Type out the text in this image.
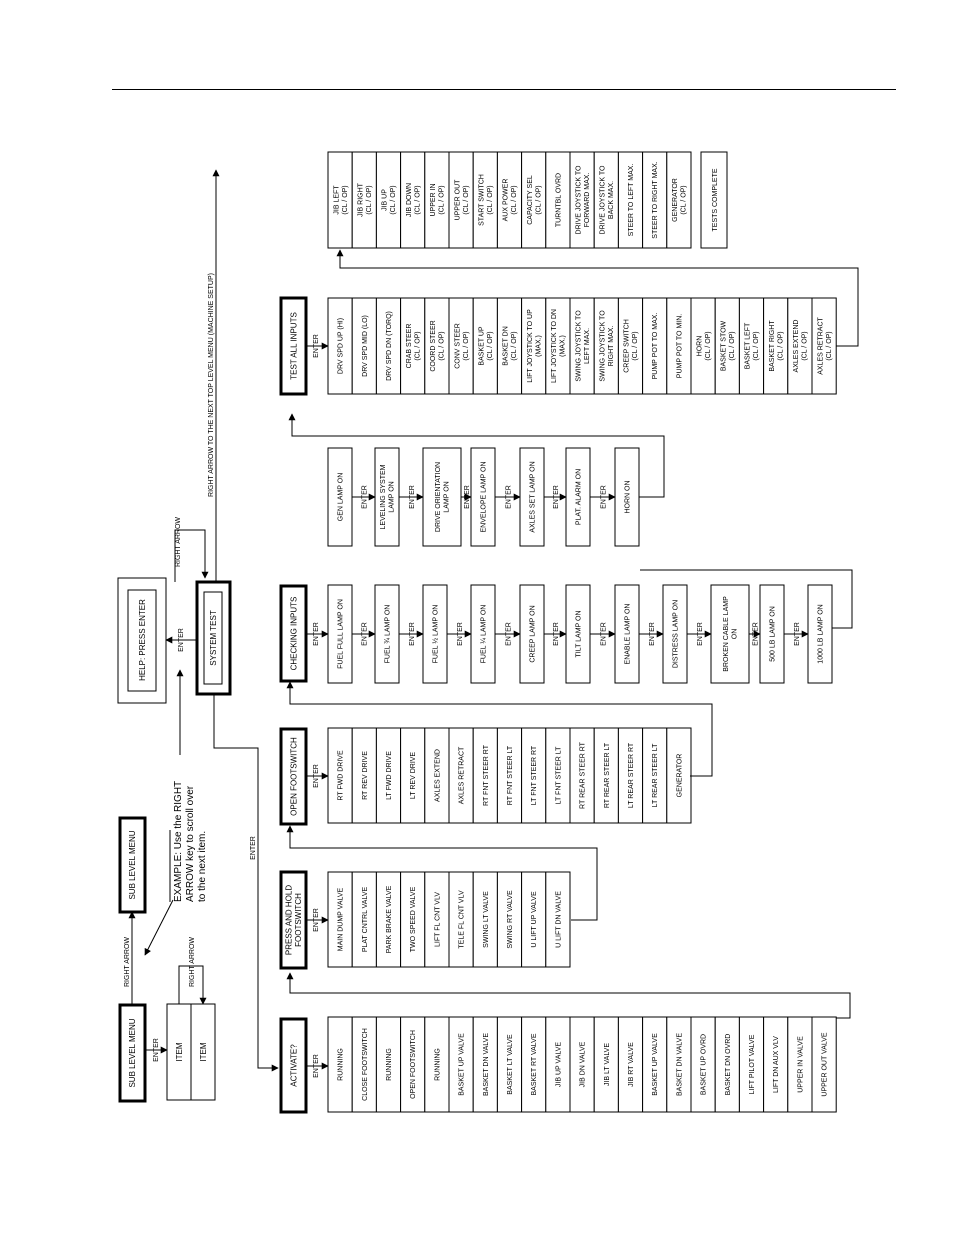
SUB LEVEL MENU
SUB LEVEL MENU
RIGHT ARROW
EXAMPLE: Use the RIGHT ARROW key to scroll over to the next item.
ENTER ITEM ITEM
RIGHT ARROW
HELP: PRESS ENTER	ENTER	SYSTEM TEST
RIGHT ARROW
RIGHT ARROW TO THE NEXT TOP LEVEL MENU (MACHINE SETUP)
ENTER
ACTIVATE? ENTER	RUNNING CLOSE FOOTSWITCH RUNNING OPEN FOOTSWITCH RUNNING BASKET UP VALVE BASKET DN VALVE BASKET LT VALVE BASKET RT VALVE JIB UP VALVE JIB DN VALVE JIB LT VALVE JIB RT VALVE BASKET UP VALVE BASKET DN VALVE BASKET UP OVRD BASKET DN OVRD LIFT PILOT VALVE LIFT DN AUX VLV UPPER IN VALVE UPPER OUT VALVE
PRESS AND HOLD FOOTSWITCH ENTER	MAIN DUMP VALVE PLAT CNTRL VALVE PARK BRAKE VALVE TWO SPEED VALVE LIFT FL CNT VLV TELE FL CNT VLV SWING LT VALVE SWING RT VALVE U LIFT UP VALVE U LIFT DN VALVE
OPEN FOOTSWITCH ENTER	RT FWD DRIVE RT REV DRIVE LT FWD DRIVE LT REV DRIVE AXLES EXTEND AXLES RETRACT RT FNT STEER RT RT FNT STEER LT LT FNT STEER RT LT FNT STEER LT RT REAR STEER RT RT REAR STEER LT LT REAR STEER RT LT REAR STEER LT GENERATOR
CHECKING INPUTS ENTER FUEL FULL LAMP ON ENTER FUEL ¾ LAMP ON	ENTER FUEL ½ LAMP ON	ENTER FUEL ¼ LAMP ON	ENTER CREEP LAMP ON ENTER TILT LAMP ON	ENTER ENABLE LAMP ON	ENTER DISTRESS LAMP ON	ENTER	BROKEN CABLE LAMP ON ENTER 500 LB LAMP ON	ENTER 1000 LB LAMP ON
GEN LAMP ON ENTER LEVELING SYSTEM LAMP ON ENTER	DRIVE ORIENTATION LAMP ON ENTER ENVELOPE LAMP ON	ENTER AXLES SET LAMP ON ENTER PLAT. ALARM ON	ENTER HORN ON
TEST ALL INPUTS ENTER	DRV SPD UP (HI) DRV SPD MID (LO) DRV SPD DN (TORQ) CRAB STEER (CL / OP) COORD STEER (CL / OP) CONV STEER (CL / OP) BASKET UP (CL / OP) BASKET DN (CL / OP) LIFT JOYSTICK TO UP (MAX.) LIFT JOYSTICK TO DN (MAX.) SWING JOYSTICK TO LEFT MAX. SWING JOYSTICK TO RIGHT MAX. CREEP SWITCH (CL / OP) PUMP POT TO MAX. PUMP POT TO MIN. HORN (CL / OP) BASKET STOW (CL / OP) BASKET LEFT (CL / OP) BASKET RIGHT (CL / OP) AXLES EXTEND (CL / OP) AXLES RETRACT (CL / OP)
JIB LEFT (CL / OP) JIB RIGHT (CL / OP) JIB UP (CL / OP) JIB DOWN (CL / OP) UPPER IN (CL / OP) UPPER OUT (CL / OP) START SWITCH (CL / OP) AUX POWER (CL / OP) CAPACITY SEL (CL / OP) TURNTBL OVRD DRIVE JOYSTICK TO FORWARD MAX. DRIVE JOYSTICK TO BACK MAX. STEER TO LEFT MAX. STEER TO RIGHT MAX. GENERATOR (CL / OP)	TESTS COMPLETE
